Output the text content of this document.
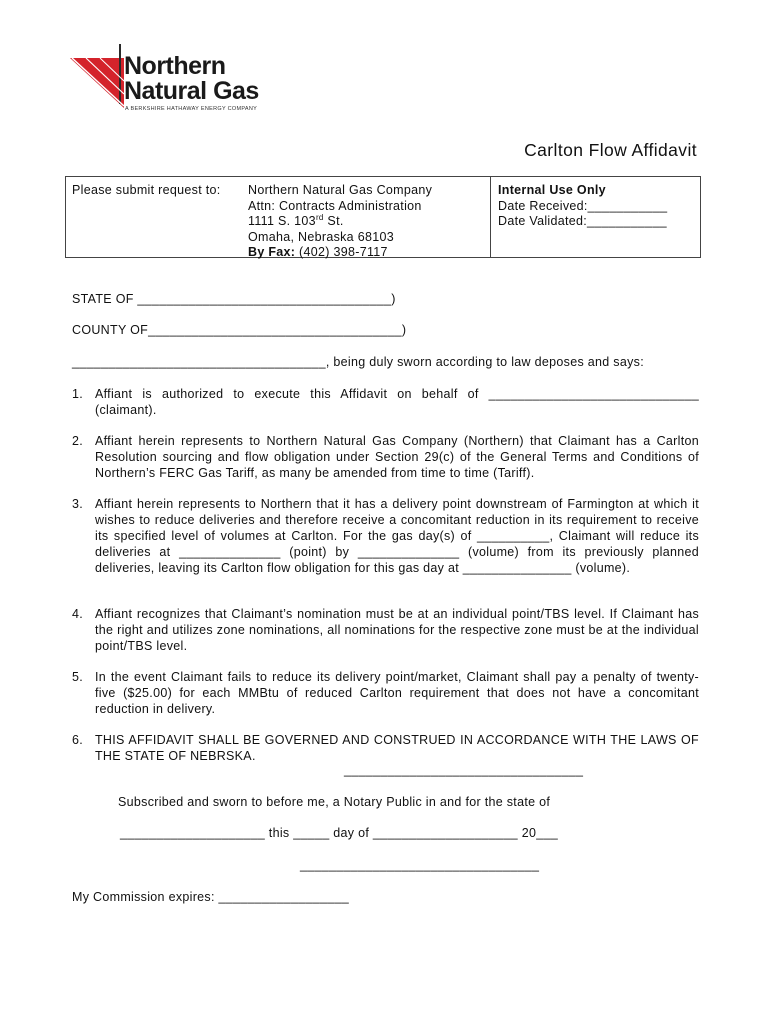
Northern
Natural Gas
A BERKSHIRE HATHAWAY ENERGY COMPANY
Carlton Flow Affidavit
Please submit request to: Northern Natural Gas Company
Attn: Contracts Administration
1111 S. 103rd St.
Omaha, Nebraska 68103
By Fax: (402) 398-7117
Internal Use Only
Date Received:___________
Date Validated:___________
STATE OF ___________________________________)
COUNTY OF___________________________________)
___________________________________, being duly sworn according to law deposes and says:
1. Affiant is authorized to execute this Affidavit on behalf of _____________________________ (claimant).
2. Affiant herein represents to Northern Natural Gas Company (Northern) that Claimant has a Carlton Resolution sourcing and flow obligation under Section 29(c) of the General Terms and Conditions of Northern’s FERC Gas Tariff, as many be amended from time to time (Tariff).
3. Affiant herein represents to Northern that it has a delivery point downstream of Farmington at which it wishes to reduce deliveries and therefore receive a concomitant reduction in its requirement to receive its specified level of volumes at Carlton. For the gas day(s) of __________, Claimant will reduce its deliveries at ______________ (point) by ______________ (volume) from its previously planned deliveries, leaving its Carlton flow obligation for this gas day at _______________ (volume).
4. Affiant recognizes that Claimant’s nomination must be at an individual point/TBS level. If Claimant has the right and utilizes zone nominations, all nominations for the respective zone must be at the individual point/TBS level.
5. In the event Claimant fails to reduce its delivery point/market, Claimant shall pay a penalty of twenty-five ($25.00) for each MMBtu of reduced Carlton requirement that does not have a concomitant reduction in delivery.
6. THIS AFFIDAVIT SHALL BE GOVERNED AND CONSTRUED IN ACCORDANCE WITH THE LAWS OF THE STATE OF NEBRSKA.
_________________________________
Subscribed and sworn to before me, a Notary Public in and for the state of
____________________ this _____ day of ____________________ 20___
_________________________________
My Commission expires: __________________
